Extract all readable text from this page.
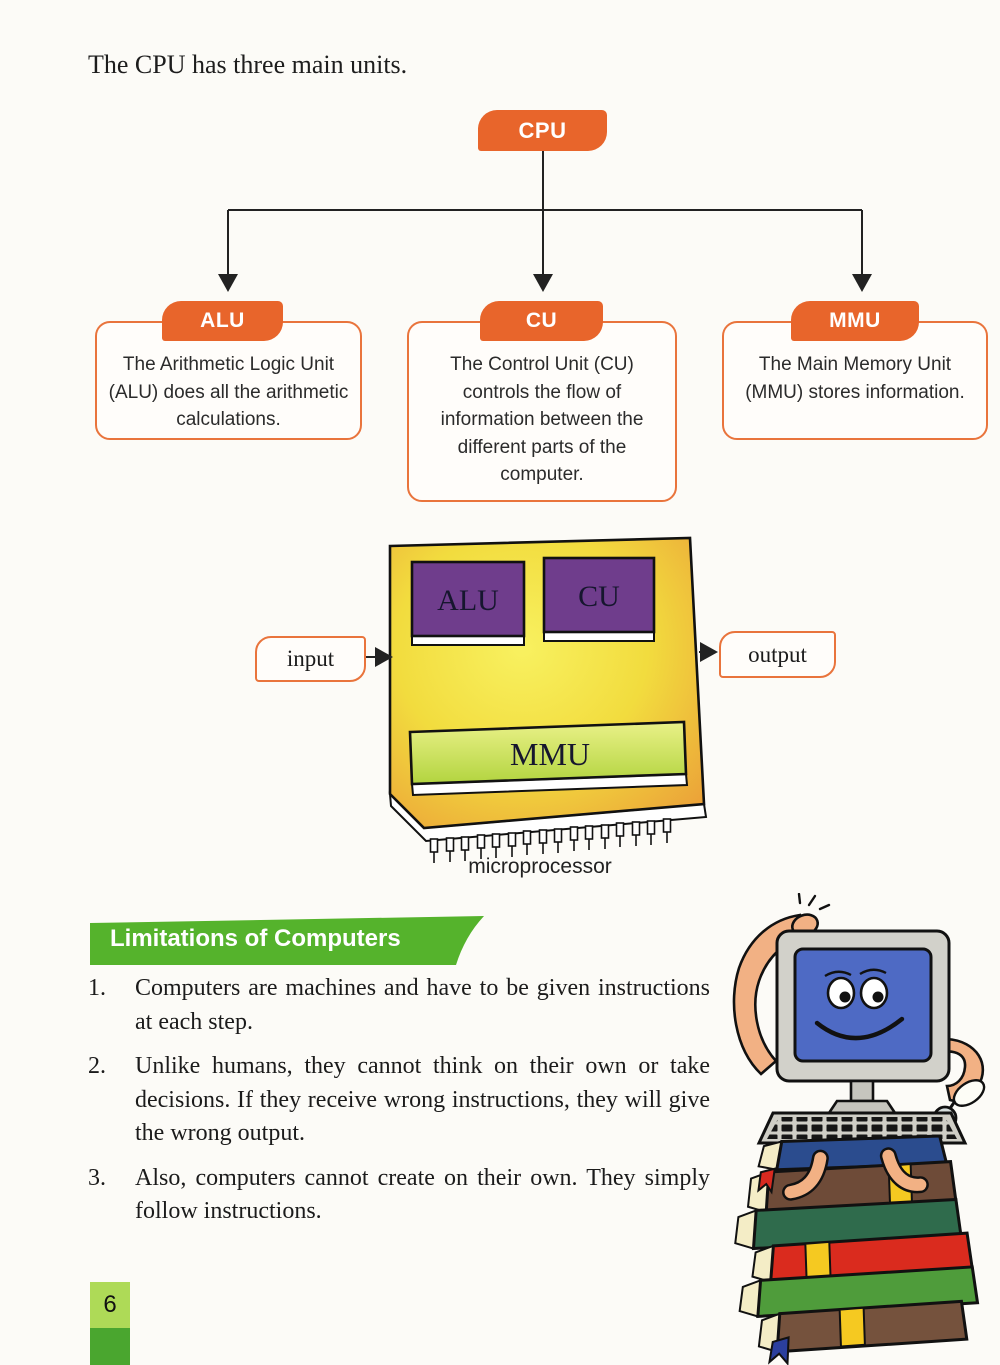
The CPU has three main units.
CPU
ALU
The Arithmetic Logic Unit (ALU) does all the arithmetic calculations.
CU
The Control Unit (CU) controls the flow of information between the different parts of the computer.
MMU
The Main Memory Unit (MMU) stores information.
ALU	CU
MMU
input	output
microprocessor
Limitations of Computers
1.	Computers are machines and have to be given instructions at each step.
2.	Unlike humans, they cannot think on their own or take decisions. If they receive wrong instructions, they will give the wrong output.
3.	Also, computers cannot create on their own. They simply follow instructions.
6
